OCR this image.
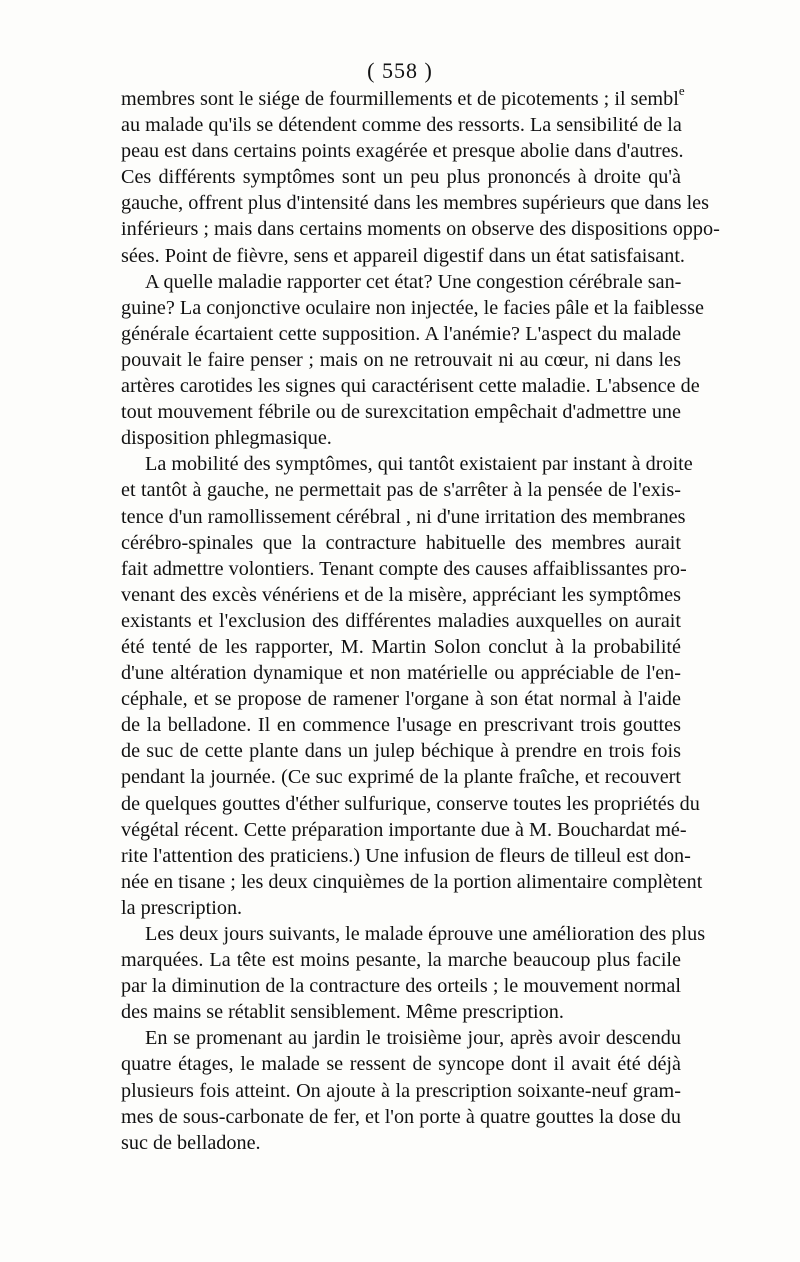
( 558 )
membres sont le siége de fourmillements et de picotements ; il sembl$^e$
au malade qu'ils se détendent comme des ressorts. La sensibilité de la
peau est dans certains points exagérée et presque abolie dans d'autres.
Ces différents symptômes sont un peu plus prononcés à droite qu'à
gauche, offrent plus d'intensité dans les membres supérieurs que dans les
inférieurs ; mais dans certains moments on observe des dispositions oppo-
sées. Point de fièvre, sens et appareil digestif dans un état satisfaisant.
A quelle maladie rapporter cet état? Une congestion cérébrale san-
guine? La conjonctive oculaire non injectée, le facies pâle et la faiblesse
générale écartaient cette supposition. A l'anémie? L'aspect du malade
pouvait le faire penser ; mais on ne retrouvait ni au cœur, ni dans les
artères carotides les signes qui caractérisent cette maladie. L'absence de
tout mouvement fébrile ou de surexcitation empêchait d'admettre une
disposition phlegmasique.
La mobilité des symptômes, qui tantôt existaient par instant à droite
et tantôt à gauche, ne permettait pas de s'arrêter à la pensée de l'exis-
tence d'un ramollissement cérébral , ni d'une irritation des membranes
cérébro-spinales que la contracture habituelle des membres aurait
fait admettre volontiers. Tenant compte des causes affaiblissantes pro-
venant des excès vénériens et de la misère, appréciant les symptômes
existants et l'exclusion des différentes maladies auxquelles on aurait
été tenté de les rapporter, M. Martin Solon conclut à la probabilité
d'une altération dynamique et non matérielle ou appréciable de l'en-
céphale, et se propose de ramener l'organe à son état normal à l'aide
de la belladone. Il en commence l'usage en prescrivant trois gouttes
de suc de cette plante dans un julep béchique à prendre en trois fois
pendant la journée. (Ce suc exprimé de la plante fraîche, et recouvert
de quelques gouttes d'éther sulfurique, conserve toutes les propriétés du
végétal récent. Cette préparation importante due à M. Bouchardat mé-
rite l'attention des praticiens.) Une infusion de fleurs de tilleul est don-
née en tisane ; les deux cinquièmes de la portion alimentaire complètent
la prescription.
Les deux jours suivants, le malade éprouve une amélioration des plus
marquées. La tête est moins pesante, la marche beaucoup plus facile
par la diminution de la contracture des orteils ; le mouvement normal
des mains se rétablit sensiblement. Même prescription.
En se promenant au jardin le troisième jour, après avoir descendu
quatre étages, le malade se ressent de syncope dont il avait été déjà
plusieurs fois atteint. On ajoute à la prescription soixante-neuf gram-
mes de sous-carbonate de fer, et l'on porte à quatre gouttes la dose du
suc de belladone.
